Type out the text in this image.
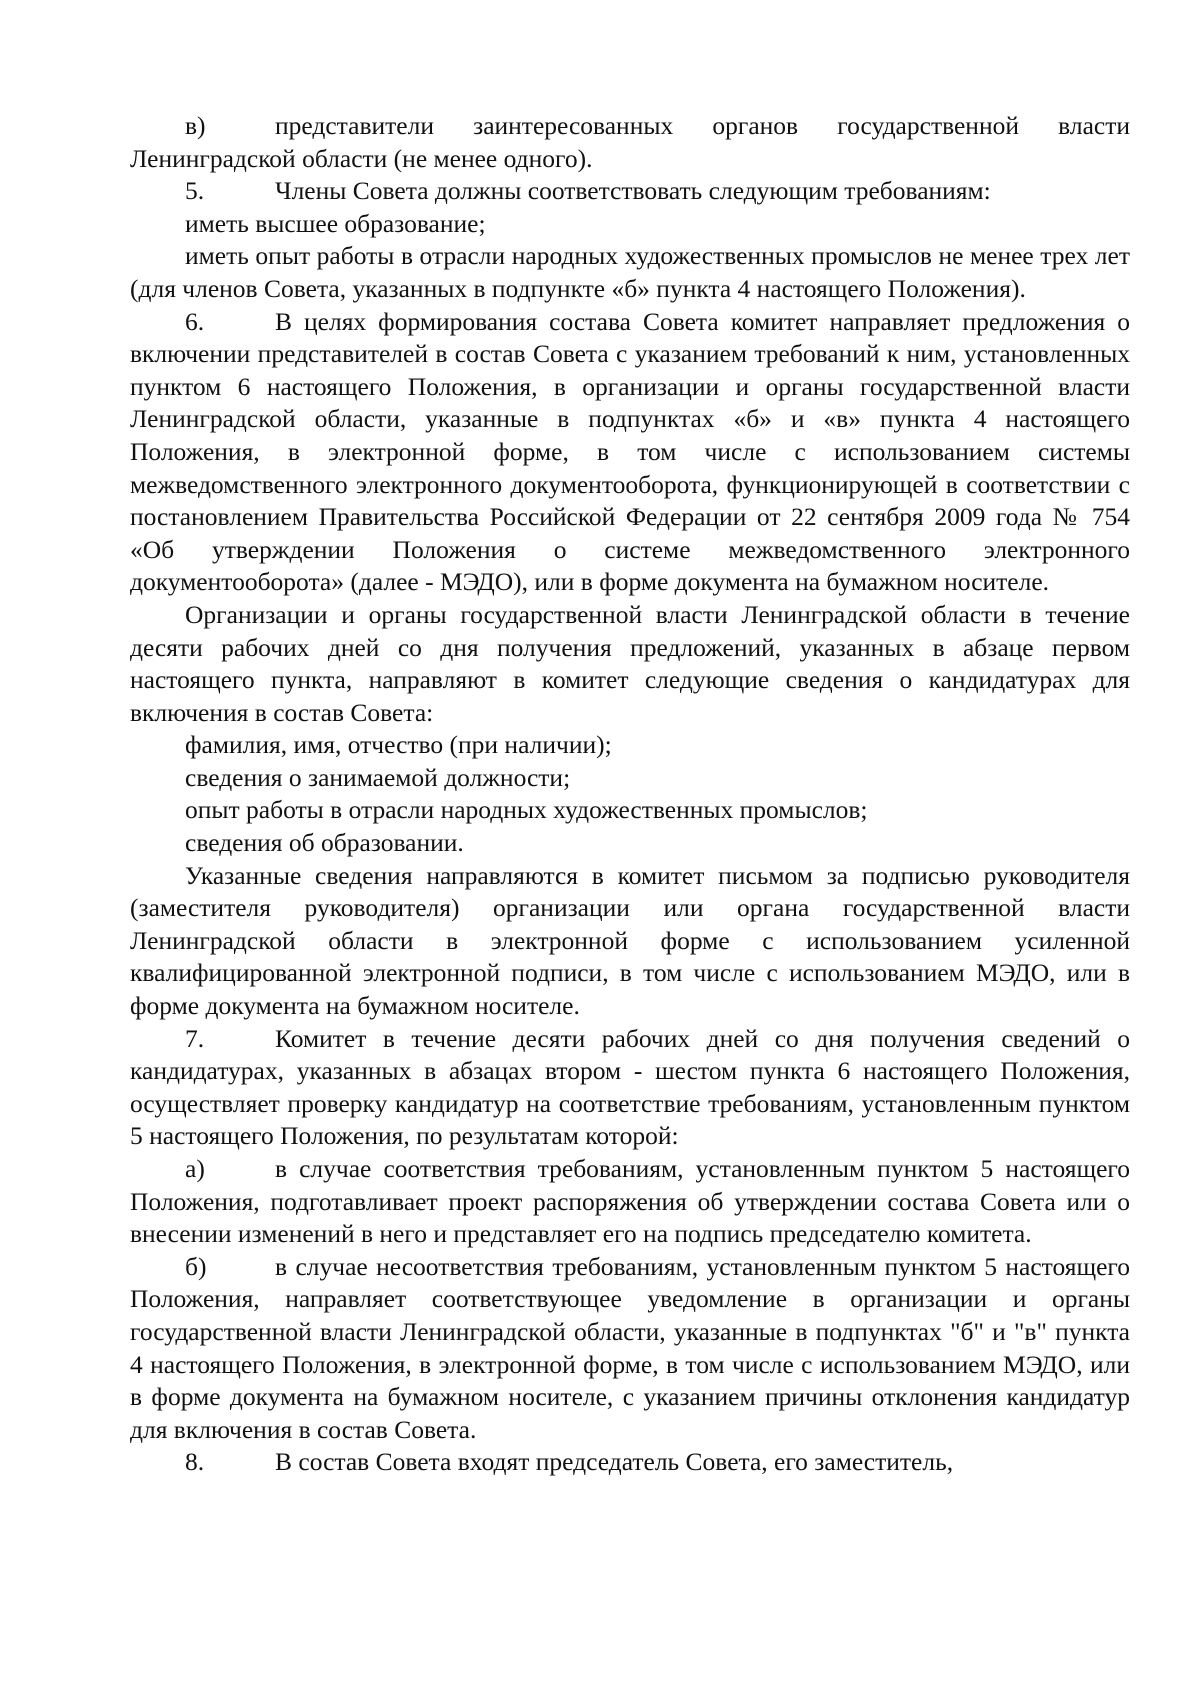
в)	представители заинтересованных органов государственной власти Ленинградской области (не менее одного).

5.	Члены Совета должны соответствовать следующим требованиям:

иметь высшее образование;

иметь опыт работы в отрасли народных художественных промыслов не менее трех лет (для членов Совета, указанных в подпункте «б» пункта 4 настоящего Положения).

6.	В целях формирования состава Совета комитет направляет предложения о включении представителей в состав Совета с указанием требований к ним, установленных пунктом 6 настоящего Положения, в организации и органы государственной власти Ленинградской области, указанные в подпунктах «б» и «в» пункта 4 настоящего Положения, в электронной форме, в том числе с использованием системы межведомственного электронного документооборота, функционирующей в соответствии с постановлением Правительства Российской Федерации от 22 сентября 2009 года № 754 «Об утверждении Положения о системе межведомственного электронного документооборота» (далее - МЭДО), или в форме документа на бумажном носителе.

Организации и органы государственной власти Ленинградской области в течение десяти рабочих дней со дня получения предложений, указанных в абзаце первом настоящего пункта, направляют в комитет следующие сведения о кандидатурах для включения в состав Совета:

фамилия, имя, отчество (при наличии);

сведения о занимаемой должности;

опыт работы в отрасли народных художественных промыслов;

сведения об образовании.

Указанные сведения направляются в комитет письмом за подписью руководителя (заместителя руководителя) организации или органа государственной власти Ленинградской области в электронной форме с использованием усиленной квалифицированной электронной подписи, в том числе с использованием МЭДО, или в форме документа на бумажном носителе.

7.	Комитет в течение десяти рабочих дней со дня получения сведений о кандидатурах, указанных в абзацах втором - шестом пункта 6 настоящего Положения, осуществляет проверку кандидатур на соответствие требованиям, установленным пунктом 5 настоящего Положения, по результатам которой:

а)	в случае соответствия требованиям, установленным пунктом 5 настоящего Положения, подготавливает проект распоряжения об утверждении состава Совета или о внесении изменений в него и представляет его на подпись председателю комитета.

б)	в случае несоответствия требованиям, установленным пунктом 5 настоящего Положения, направляет соответствующее уведомление в организации и органы государственной власти Ленинградской области, указанные в подпунктах "б" и "в" пункта 4 настоящего Положения, в электронной форме, в том числе с использованием МЭДО, или в форме документа на бумажном носителе, с указанием причины отклонения кандидатур для включения в состав Совета.

8.	В состав Совета входят председатель Совета, его заместитель,
